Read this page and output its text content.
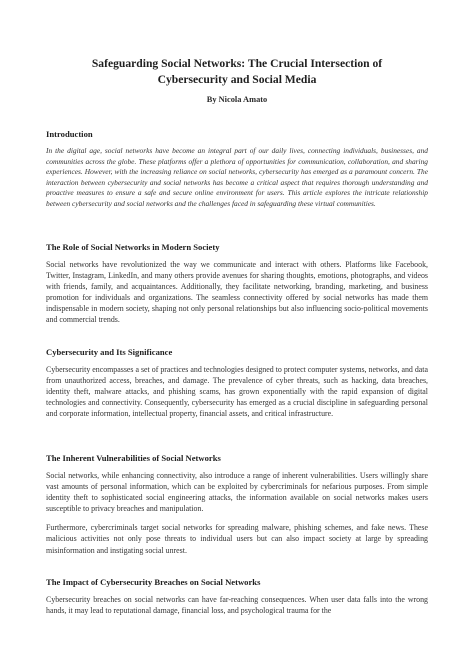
Safeguarding Social Networks: The Crucial Intersection of
Cybersecurity and Social Media
By Nicola Amato
Introduction

In the digital age, social networks have become an integral part of our daily lives, connecting individuals, businesses, and communities across the globe. These platforms offer a plethora of opportunities for communication, collaboration, and sharing experiences. However, with the increasing reliance on social networks, cybersecurity has emerged as a paramount concern. The interaction between cybersecurity and social networks has become a critical aspect that requires thorough understanding and proactive measures to ensure a safe and secure online environment for users. This article explores the intricate relationship between cybersecurity and social networks and the challenges faced in safeguarding these virtual communities.

The Role of Social Networks in Modern Society

Social networks have revolutionized the way we communicate and interact with others. Platforms like Facebook, Twitter, Instagram, LinkedIn, and many others provide avenues for sharing thoughts, emotions, photographs, and videos with friends, family, and acquaintances. Additionally, they facilitate networking, branding, marketing, and business promotion for individuals and organizations. The seamless connectivity offered by social networks has made them indispensable in modern society, shaping not only personal relationships but also influencing socio-political movements and commercial trends.

Cybersecurity and Its Significance

Cybersecurity encompasses a set of practices and technologies designed to protect computer systems, networks, and data from unauthorized access, breaches, and damage. The prevalence of cyber threats, such as hacking, data breaches, identity theft, malware attacks, and phishing scams, has grown exponentially with the rapid expansion of digital technologies and connectivity. Consequently, cybersecurity has emerged as a crucial discipline in safeguarding personal and corporate information, intellectual property, financial assets, and critical infrastructure.

The Inherent Vulnerabilities of Social Networks

Social networks, while enhancing connectivity, also introduce a range of inherent vulnerabilities. Users willingly share vast amounts of personal information, which can be exploited by cybercriminals for nefarious purposes. From simple identity theft to sophisticated social engineering attacks, the information available on social networks makes users susceptible to privacy breaches and manipulation.

Furthermore, cybercriminals target social networks for spreading malware, phishing schemes, and fake news. These malicious activities not only pose threats to individual users but can also impact society at large by spreading misinformation and instigating social unrest.

The Impact of Cybersecurity Breaches on Social Networks

Cybersecurity breaches on social networks can have far-reaching consequences. When user data falls into the wrong hands, it may lead to reputational damage, financial loss, and psychological trauma for the
